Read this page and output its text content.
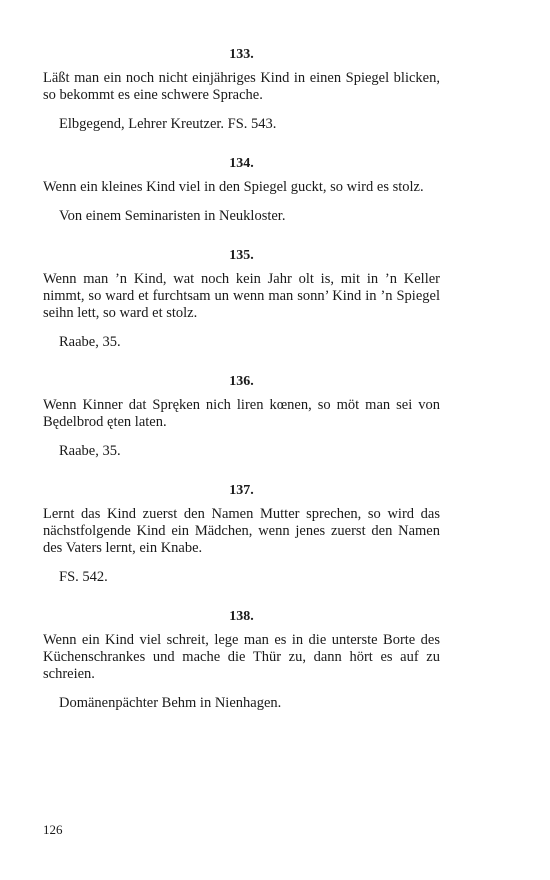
133.

Läßt man ein noch nicht einjähriges Kind in einen Spiegel blicken, so bekommt es eine schwere Sprache.

Elbgegend, Lehrer Kreutzer. FS. 543.

134.

Wenn ein kleines Kind viel in den Spiegel guckt, so wird es stolz.

Von einem Seminaristen in Neukloster.

135.

Wenn man ’n Kind, wat noch kein Jahr olt is, mit in ’n Keller nimmt, so ward et furchtsam un wenn man sonn’ Kind in ’n Spiegel seihn lett, so ward et stolz.

Raabe, 35.

136.

Wenn Kinner dat Spręken nich liren kœnen, so möt man sei von Będelbrod ęten laten.

Raabe, 35.

137.

Lernt das Kind zuerst den Namen Mutter sprechen, so wird das nächstfolgende Kind ein Mädchen, wenn jenes zuerst den Namen des Vaters lernt, ein Knabe.

FS. 542.

138.

Wenn ein Kind viel schreit, lege man es in die unterste Borte des Küchenschrankes und mache die Thür zu, dann hört es auf zu schreien.

Domänenpächter Behm in Nienhagen.

126
